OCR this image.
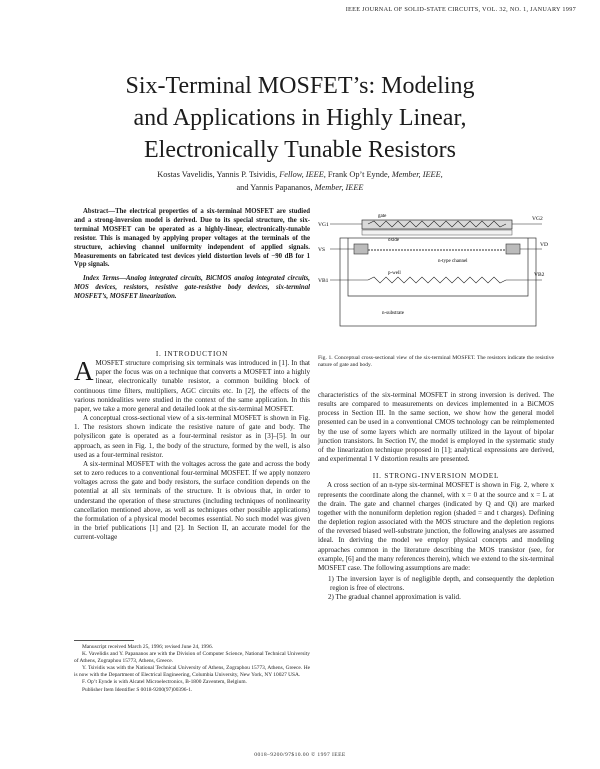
IEEE JOURNAL OF SOLID-STATE CIRCUITS, VOL. 32, NO. 1, JANUARY 1997
Six-Terminal MOSFET’s: Modeling
and Applications in Highly Linear,
Electronically Tunable Resistors
Kostas Vavelidis, Yannis P. Tsividis, Fellow, IEEE, Frank Op’t Eynde, Member, IEEE,
and Yannis Papananos, Member, IEEE

Abstract—The electrical properties of a six-terminal MOSFET are studied and a strong-inversion model is derived. Due to its special structure, the six-terminal MOSFET can be operated as a highly-linear, electronically-tunable resistor. This is managed by applying proper voltages at the terminals of the structure, achieving channel uniformity independent of applied signals. Measurements on fabricated test devices yield distortion levels of −90 dB for 1 Vpp signals.

Index Terms—Analog integrated circuits, BiCMOS analog integrated circuits, MOS devices, resistors, resistive gate-resistive body devices, six-terminal MOSFET’s, MOSFET linearization.

I. INTRODUCTION

AMOSFET structure comprising six terminals was introduced in [1]. In that paper the focus was on a technique that converts a MOSFET into a highly linear, electronically tunable resistor, a common building block of continuous time filters, multipliers, AGC circuits etc. In [2], the effects of the various nonidealities were studied in the context of the same application. In this paper, we take a more general and detailed look at the six-terminal MOSFET.

A conceptual cross-sectional view of a six-terminal MOSFET is shown in Fig. 1. The resistors shown indicate the resistive nature of gate and body. The polysilicon gate is operated as a four-terminal resistor as in [3]–[5]. In our approach, as seen in Fig. 1, the body of the structure, formed by the well, is also used as a four-terminal resistor.

A six-terminal MOSFET with the voltages across the gate and across the body set to zero reduces to a conventional four-terminal MOSFET. If we apply nonzero voltages across the gate and body resistors, the surface condition depends on the potential at all six terminals of the structure. It is obvious that, in order to understand the operation of these structures (including techniques of nonlinearity cancellation mentioned above, as well as techniques other possible applications) the formulation of a physical model becomes essential. No such model was given in the brief publications [1] and [2]. In Section II, an accurate model for the current-voltage

Manuscript received March 25, 1996; revised June 24, 1996.

K. Vavelidis and Y. Papananos are with the Division of Computer Science, National Technical University of Athens, Zographou 15773, Athens, Greece.

Y. Tsividis was with the National Technical University of Athens, Zographou 15773, Athens, Greece. He is now with the Department of Electrical Engineering, Columbia University, New York, NY 10027 USA.

F. Op’t Eynde is with Alcatel Microelectronics, B-1800 Zaventem, Belgium.

Publisher Item Identifier S 0018-9200(97)00396-1.

gate
oxide
n-type channel
p-well
n-substrate
VG1
VG2
VS
VD
VB1
VB2
Fig. 1. Conceptual cross-sectional view of the six-terminal MOSFET. The resistors indicate the resistive nature of gate and body.

characteristics of the six-terminal MOSFET in strong inversion is derived. The results are compared to measurements on devices implemented in a BiCMOS process in Section III. In the same section, we show how the general model presented can be used in a conventional CMOS technology can be reimplemented by the use of some layers which are normally utilized in the layout of bipolar junction transistors. In Section IV, the model is employed in the systematic study of the linearization technique proposed in [1]; analytical expressions are derived, and experimental 1 V distortion results are presented.

II. STRONG-INVERSION MODEL

A cross section of an n-type six-terminal MOSFET is shown in Fig. 2, where x represents the coordinate along the channel, with x = 0 at the source and x = L at the drain. The gate and channel charges (indicated by Q and Qi) are marked together with the nonuniform depletion region (shaded = and t charges). Defining the depletion region associated with the MOS structure and the depletion regions of the reversed biased well-substrate junction, the following analyses are assumed ideal. In deriving the model we employ physical concepts and modeling approaches common in the literature describing the MOS transistor (see, for example, [6] and the many references therein), which we extend to the six-terminal MOSFET case. The following assumptions are made:

1) The inversion layer is of negligible depth, and consequently the depletion region is free of electrons.
2) The gradual channel approximation is valid.
0018–9200/97$10.00 © 1997 IEEE
